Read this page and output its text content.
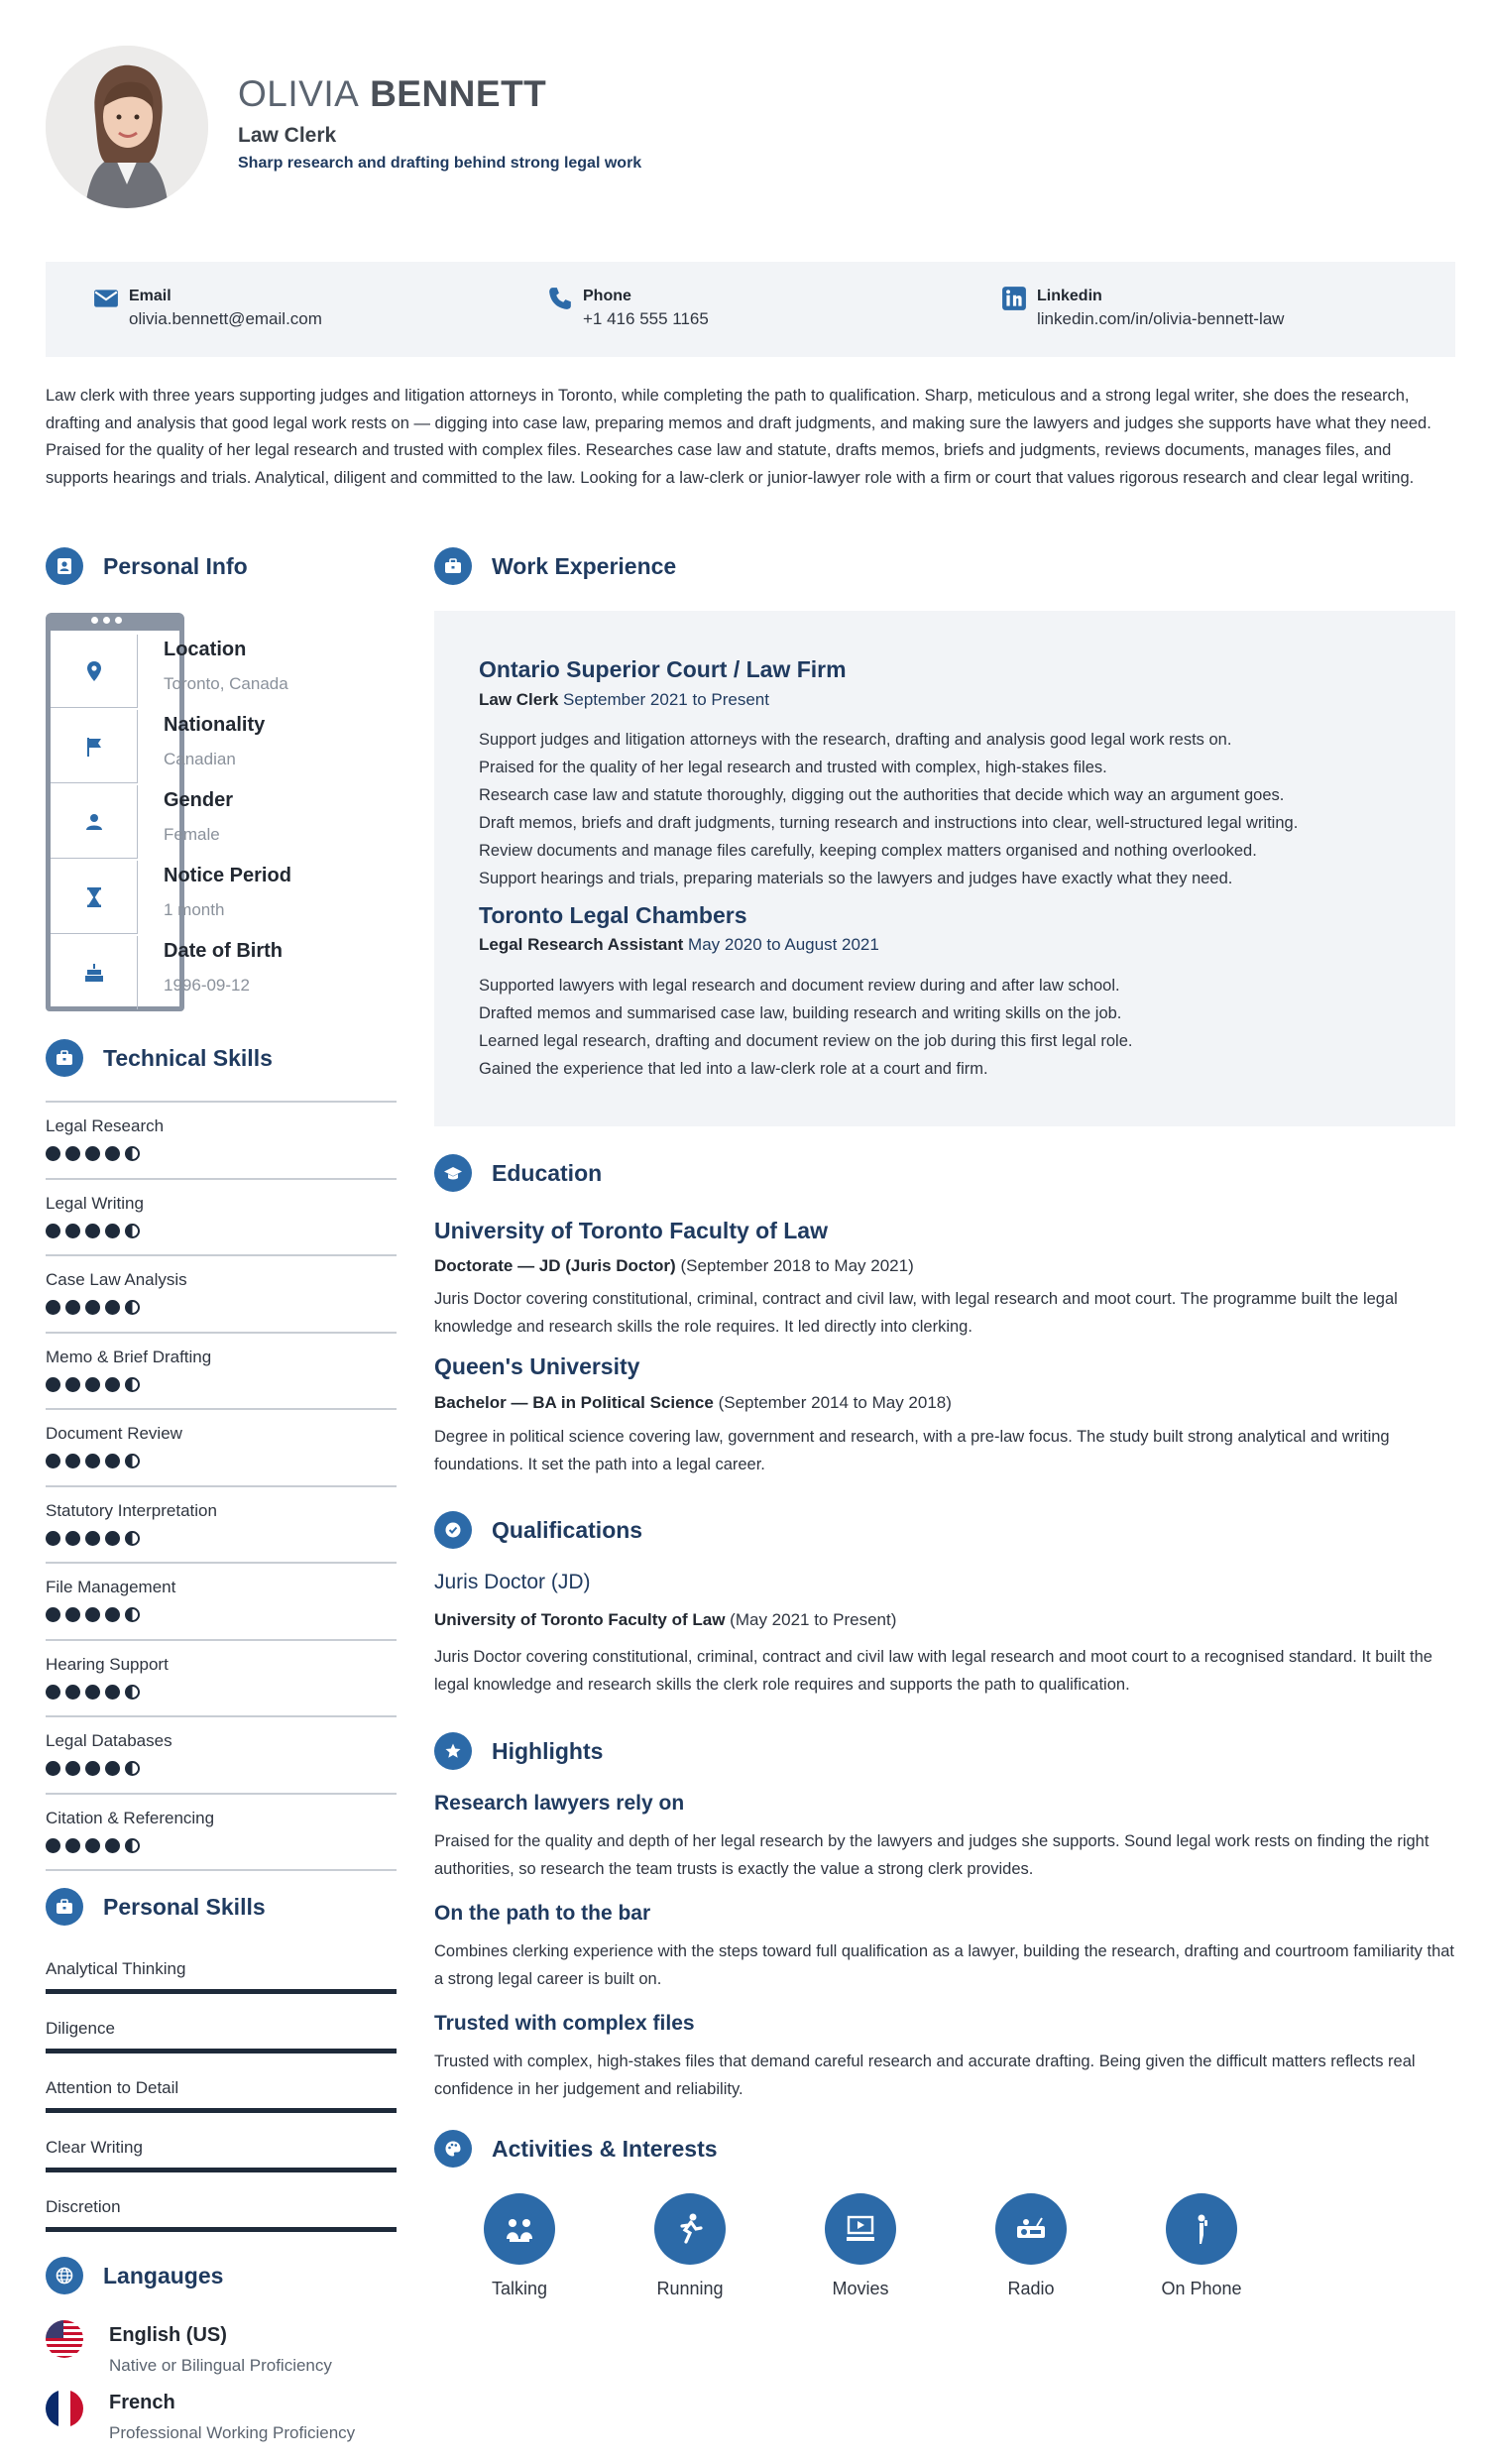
OLIVIA BENNETT
Law Clerk
Sharp research and drafting behind strong legal work
Email
olivia.bennett@email.com
Phone
+1 416 555 1165
Linkedin
linkedin.com/in/olivia-bennett-law
Law clerk with three years supporting judges and litigation attorneys in Toronto, while completing the path to qualification. Sharp, meticulous and a strong legal writer, she does the research, drafting and analysis that good legal work rests on — digging into case law, preparing memos and draft judgments, and making sure the lawyers and judges she supports have what they need. Praised for the quality of her legal research and trusted with complex files. Researches case law and statute, drafts memos, briefs and judgments, reviews documents, manages files, and supports hearings and trials. Analytical, diligent and committed to the law. Looking for a law-clerk or junior-lawyer role with a firm or court that values rigorous research and clear legal writing.
Personal Info
Location
Toronto, Canada
Nationality
Canadian
Gender
Female
Notice Period
1 month
Date of Birth
1996-09-12
Technical Skills
Legal Research
Legal Writing
Case Law Analysis
Memo & Brief Drafting
Document Review
Statutory Interpretation
File Management
Hearing Support
Legal Databases
Citation & Referencing
Personal Skills
Analytical Thinking
Diligence
Attention to Detail
Clear Writing
Discretion
Langauges
English (US)
Native or Bilingual Proficiency
French
Professional Working Proficiency
Work Experience
Ontario Superior Court / Law Firm
Law Clerk September 2021 to Present
Support judges and litigation attorneys with the research, drafting and analysis good legal work rests on.
Praised for the quality of her legal research and trusted with complex, high-stakes files.
Research case law and statute thoroughly, digging out the authorities that decide which way an argument goes.
Draft memos, briefs and draft judgments, turning research and instructions into clear, well-structured legal writing.
Review documents and manage files carefully, keeping complex matters organised and nothing overlooked.
Support hearings and trials, preparing materials so the lawyers and judges have exactly what they need.
Toronto Legal Chambers
Legal Research Assistant May 2020 to August 2021
Supported lawyers with legal research and document review during and after law school.
Drafted memos and summarised case law, building research and writing skills on the job.
Learned legal research, drafting and document review on the job during this first legal role.
Gained the experience that led into a law-clerk role at a court and firm.
Education
University of Toronto Faculty of Law
Doctorate — JD (Juris Doctor) (September 2018 to May 2021)
Juris Doctor covering constitutional, criminal, contract and civil law, with legal research and moot court. The programme built the legal knowledge and research skills the role requires. It led directly into clerking.
Queen's University
Bachelor — BA in Political Science (September 2014 to May 2018)
Degree in political science covering law, government and research, with a pre-law focus. The study built strong analytical and writing foundations. It set the path into a legal career.
Qualifications
Juris Doctor (JD)
University of Toronto Faculty of Law (May 2021 to Present)
Juris Doctor covering constitutional, criminal, contract and civil law with legal research and moot court to a recognised standard. It built the legal knowledge and research skills the clerk role requires and supports the path to qualification.
Highlights
Research lawyers rely on
Praised for the quality and depth of her legal research by the lawyers and judges she supports. Sound legal work rests on finding the right authorities, so research the team trusts is exactly the value a strong clerk provides.
On the path to the bar
Combines clerking experience with the steps toward full qualification as a lawyer, building the research, drafting and courtroom familiarity that a strong legal career is built on.
Trusted with complex files
Trusted with complex, high-stakes files that demand careful research and accurate drafting. Being given the difficult matters reflects real confidence in her judgement and reliability.
Activities & Interests
Talking	Running	Movies	Radio	On Phone
